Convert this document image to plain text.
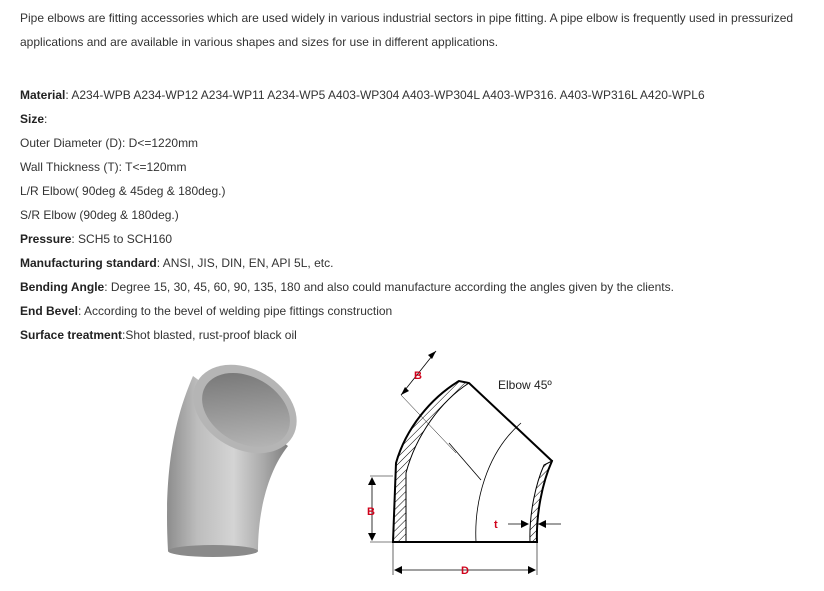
Pipe elbows are fitting accessories which are used widely in various industrial sectors in pipe fitting. A pipe elbow is frequently used in pressurized applications and are available in various shapes and sizes for use in different applications.

Material: A234-WPB A234-WP12 A234-WP11 A234-WP5 A403-WP304 A403-WP304L A403-WP316. A403-WP316L A420-WPL6
Size:
Outer Diameter (D): D<=1220mm
Wall Thickness (T): T<=120mm
L/R Elbow( 90deg & 45deg & 180deg.)
S/R Elbow (90deg & 180deg.)
Pressure: SCH5 to SCH160
Manufacturing standard: ANSI, JIS, DIN, EN, API 5L, etc.
Bending Angle: Degree 15, 30, 45, 60, 90, 135, 180 and also could manufacture according the angles given by the clients.
End Bevel: According to the bevel of welding pipe fittings construction
Surface treatment:Shot blasted, rust-proof black oil
Elbow 45º
B
B
t
D
